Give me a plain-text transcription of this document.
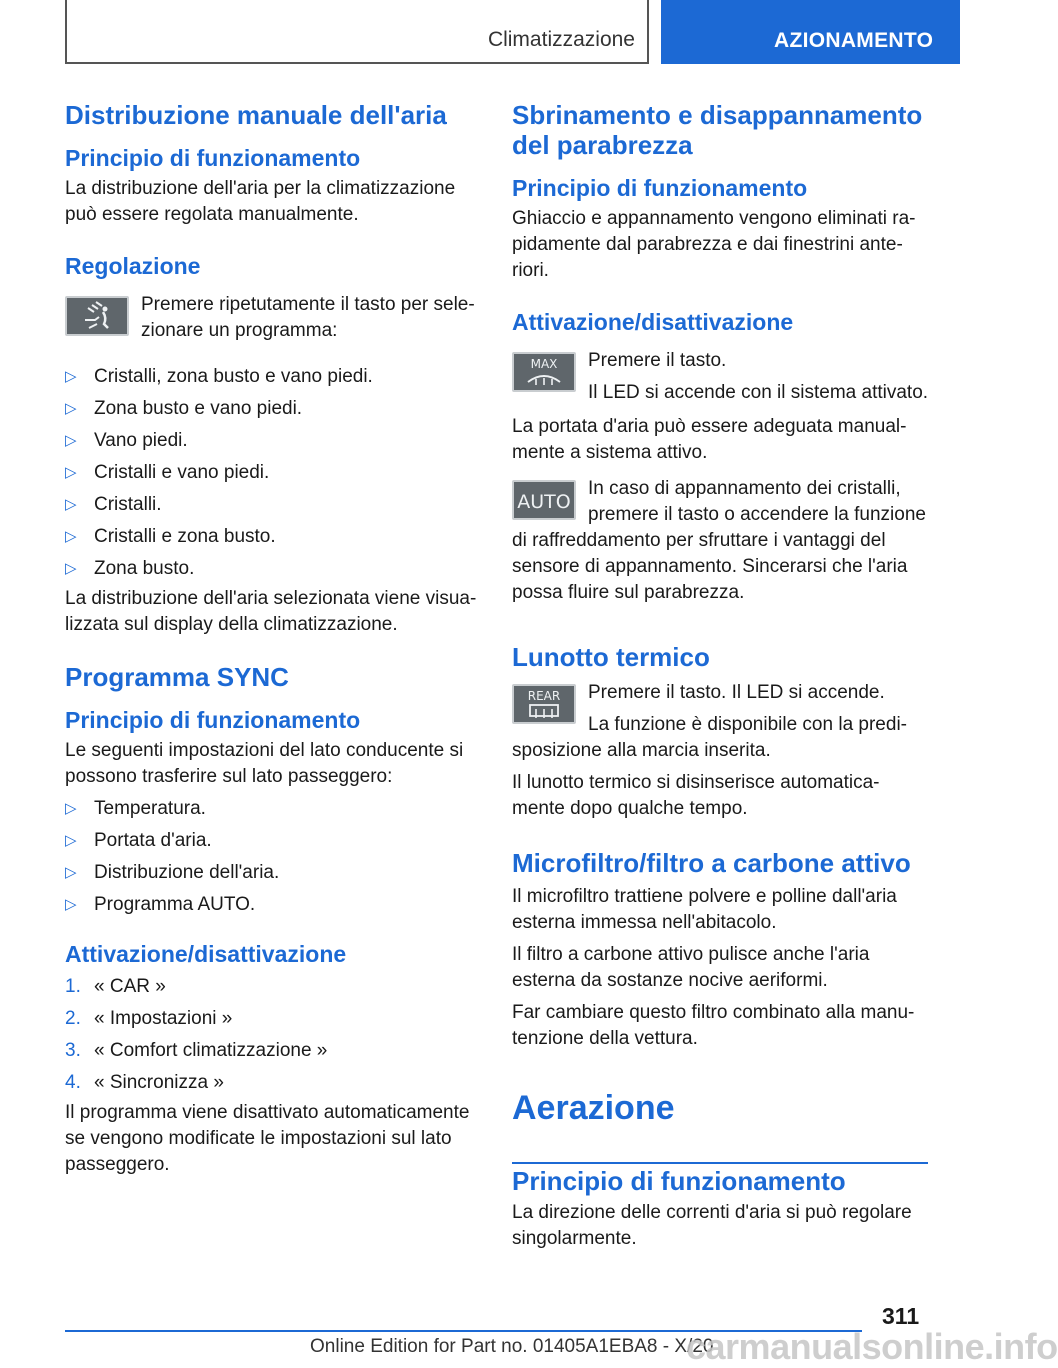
Climatizzazione	AZIONAMENTO
Distribuzione manuale dell'aria
Principio di funzionamento
La distribuzione dell'aria per la climatizzazione può essere regolata manualmente.
Regolazione
Premere ripetutamente il tasto per sele‐zionare un programma:
▷ Cristalli, zona busto e vano piedi.
▷ Zona busto e vano piedi.
▷ Vano piedi.
▷ Cristalli e vano piedi.
▷ Cristalli.
▷ Cristalli e zona busto.
▷ Zona busto.
La distribuzione dell'aria selezionata viene visua‐lizzata sul display della climatizzazione.
Programma SYNC
Principio di funzionamento
Le seguenti impostazioni del lato conducente si possono trasferire sul lato passeggero:
▷ Temperatura.
▷ Portata d'aria.
▷ Distribuzione dell'aria.
▷ Programma AUTO.
Attivazione/disattivazione
1. « CAR »
2. « Impostazioni »
3. « Comfort climatizzazione »
4. « Sincronizza »
Il programma viene disattivato automaticamente se vengono modificate le impostazioni sul lato passeggero.
Sbrinamento e disappannamento del parabrezza
Principio di funzionamento
Ghiaccio e appannamento vengono eliminati ra‐pidamente dal parabrezza e dai finestrini ante‐riori.
Attivazione/disattivazione
MAX Premere il tasto.
Il LED si accende con il sistema attivato.
La portata d'aria può essere adeguata manual‐mente a sistema attivo.
AUTO
In caso di appannamento dei cristalli, premere il tasto o accendere la funzione
di raffreddamento per sfruttare i vantaggi del sensore di appannamento. Sincerarsi che l'aria possa fluire sul parabrezza.
Lunotto termico
REAR Premere il tasto. Il LED si accende.
La funzione è disponibile con la predi‐
sposizione alla marcia inserita.
Il lunotto termico si disinserisce automatica‐mente dopo qualche tempo.
Microfiltro/filtro a carbone attivo
Il microfiltro trattiene polvere e polline dall'aria esterna immessa nell'abitacolo.
Il filtro a carbone attivo pulisce anche l'aria esterna da sostanze nocive aeriformi.
Far cambiare questo filtro combinato alla manu‐tenzione della vettura.
Aerazione
Principio di funzionamento
La direzione delle correnti d'aria si può regolare singolarmente.
311
Online Edition for Part no. 01405A1EBA8 - X/20
carmanualsonline.info
